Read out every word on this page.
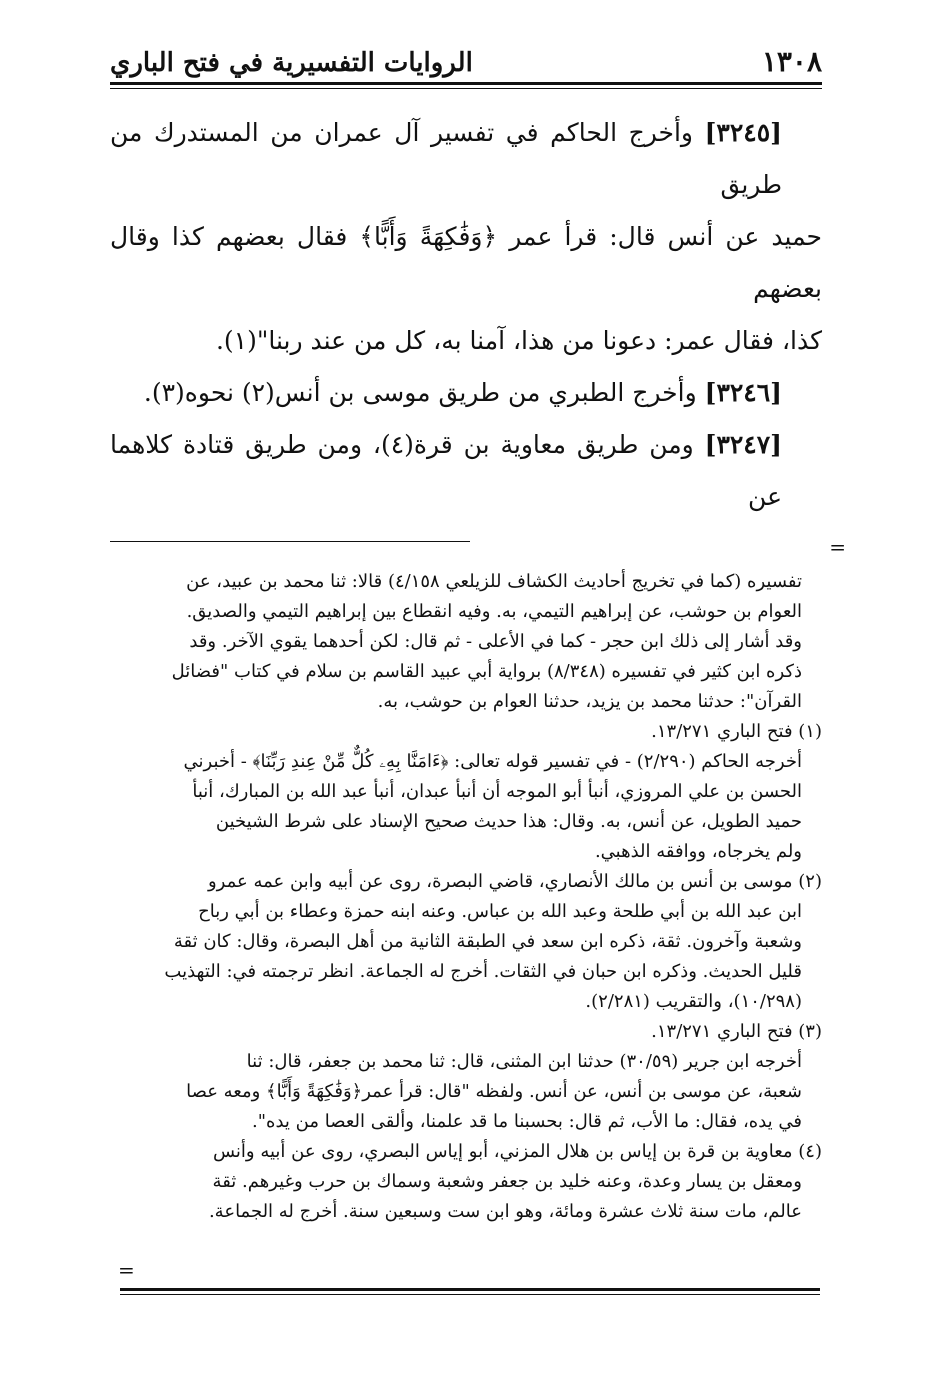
١٣٠٨
الروايات التفسيرية في فتح الباري

[٣٢٤٥] وأخرج الحاكم في تفسير آل عمران من المستدرك من طريق

حميد عن أنس قال: قرأ عمر ﴿وَفَٰكِهَةً وَأَبًّا﴾ فقال بعضهم كذا وقال بعضهم

كذا، فقال عمر: دعونا من هذا، آمنا به، كل من عند ربنا"(١).

[٣٢٤٦] وأخرج الطبري من طريق موسى بن أنس(٢) نحوه(٣).

[٣٢٤٧] ومن طريق معاوية بن قرة(٤)، ومن طريق قتادة كلاهما عن

=

تفسيره (كما في تخريج أحاديث الكشاف للزيلعي ٤/١٥٨) قالا: ثنا محمد بن عبيد، عن

العوام بن حوشب، عن إبراهيم التيمي، به. وفيه انقطاع بين إبراهيم التيمي والصديق.

وقد أشار إلى ذلك ابن حجر - كما في الأعلى - ثم قال: لكن أحدهما يقوي الآخر. وقد

ذكره ابن كثير في تفسيره (٨/٣٤٨) برواية أبي عبيد القاسم بن سلام في كتاب "فضائل

القرآن": حدثنا محمد بن يزيد، حدثنا العوام بن حوشب، به.

(١) فتح الباري ١٣/٢٧١.

أخرجه الحاكم (٢/٢٩٠) - في تفسير قوله تعالى: ﴿ءَامَنَّا بِهِۦ كُلٌّ مِّنْ عِندِ رَبِّنَا﴾ - أخبرني

الحسن بن علي المروزي، أنبأ أبو الموجه أن أنبأ عبدان، أنبأ عبد الله بن المبارك، أنبأ

حميد الطويل، عن أنس، به. وقال: هذا حديث صحيح الإسناد على شرط الشيخين

ولم يخرجاه، ووافقه الذهبي.

(٢) موسى بن أنس بن مالك الأنصاري، قاضي البصرة، روى عن أبيه وابن عمه عمرو

ابن عبد الله بن أبي طلحة وعبد الله بن عباس. وعنه ابنه حمزة وعطاء بن أبي رباح

وشعبة وآخرون. ثقة، ذكره ابن سعد في الطبقة الثانية من أهل البصرة، وقال: كان ثقة

قليل الحديث. وذكره ابن حبان في الثقات. أخرج له الجماعة. انظر ترجمته في: التهذيب

(١٠/٢٩٨)، والتقريب (٢/٢٨١).

(٣) فتح الباري ١٣/٢٧١.

أخرجه ابن جرير (٣٠/٥٩) حدثنا ابن المثنى، قال: ثنا محمد بن جعفر، قال: ثنا

شعبة، عن موسى بن أنس، عن أنس. ولفظه "قال: قرأ عمر﴿وَفَٰكِهَةً وَأَبًّا﴾ ومعه عصا

في يده، فقال: ما الأب، ثم قال: بحسبنا ما قد علمنا، وألقى العصا من يده".

(٤) معاوية بن قرة بن إياس بن هلال المزني، أبو إياس البصري، روى عن أبيه وأنس

ومعقل بن يسار وعدة، وعنه خليد بن جعفر وشعبة وسماك بن حرب وغيرهم. ثقة

عالم، مات سنة ثلاث عشرة ومائة، وهو ابن ست وسبعين سنة. أخرج له الجماعة.

=
